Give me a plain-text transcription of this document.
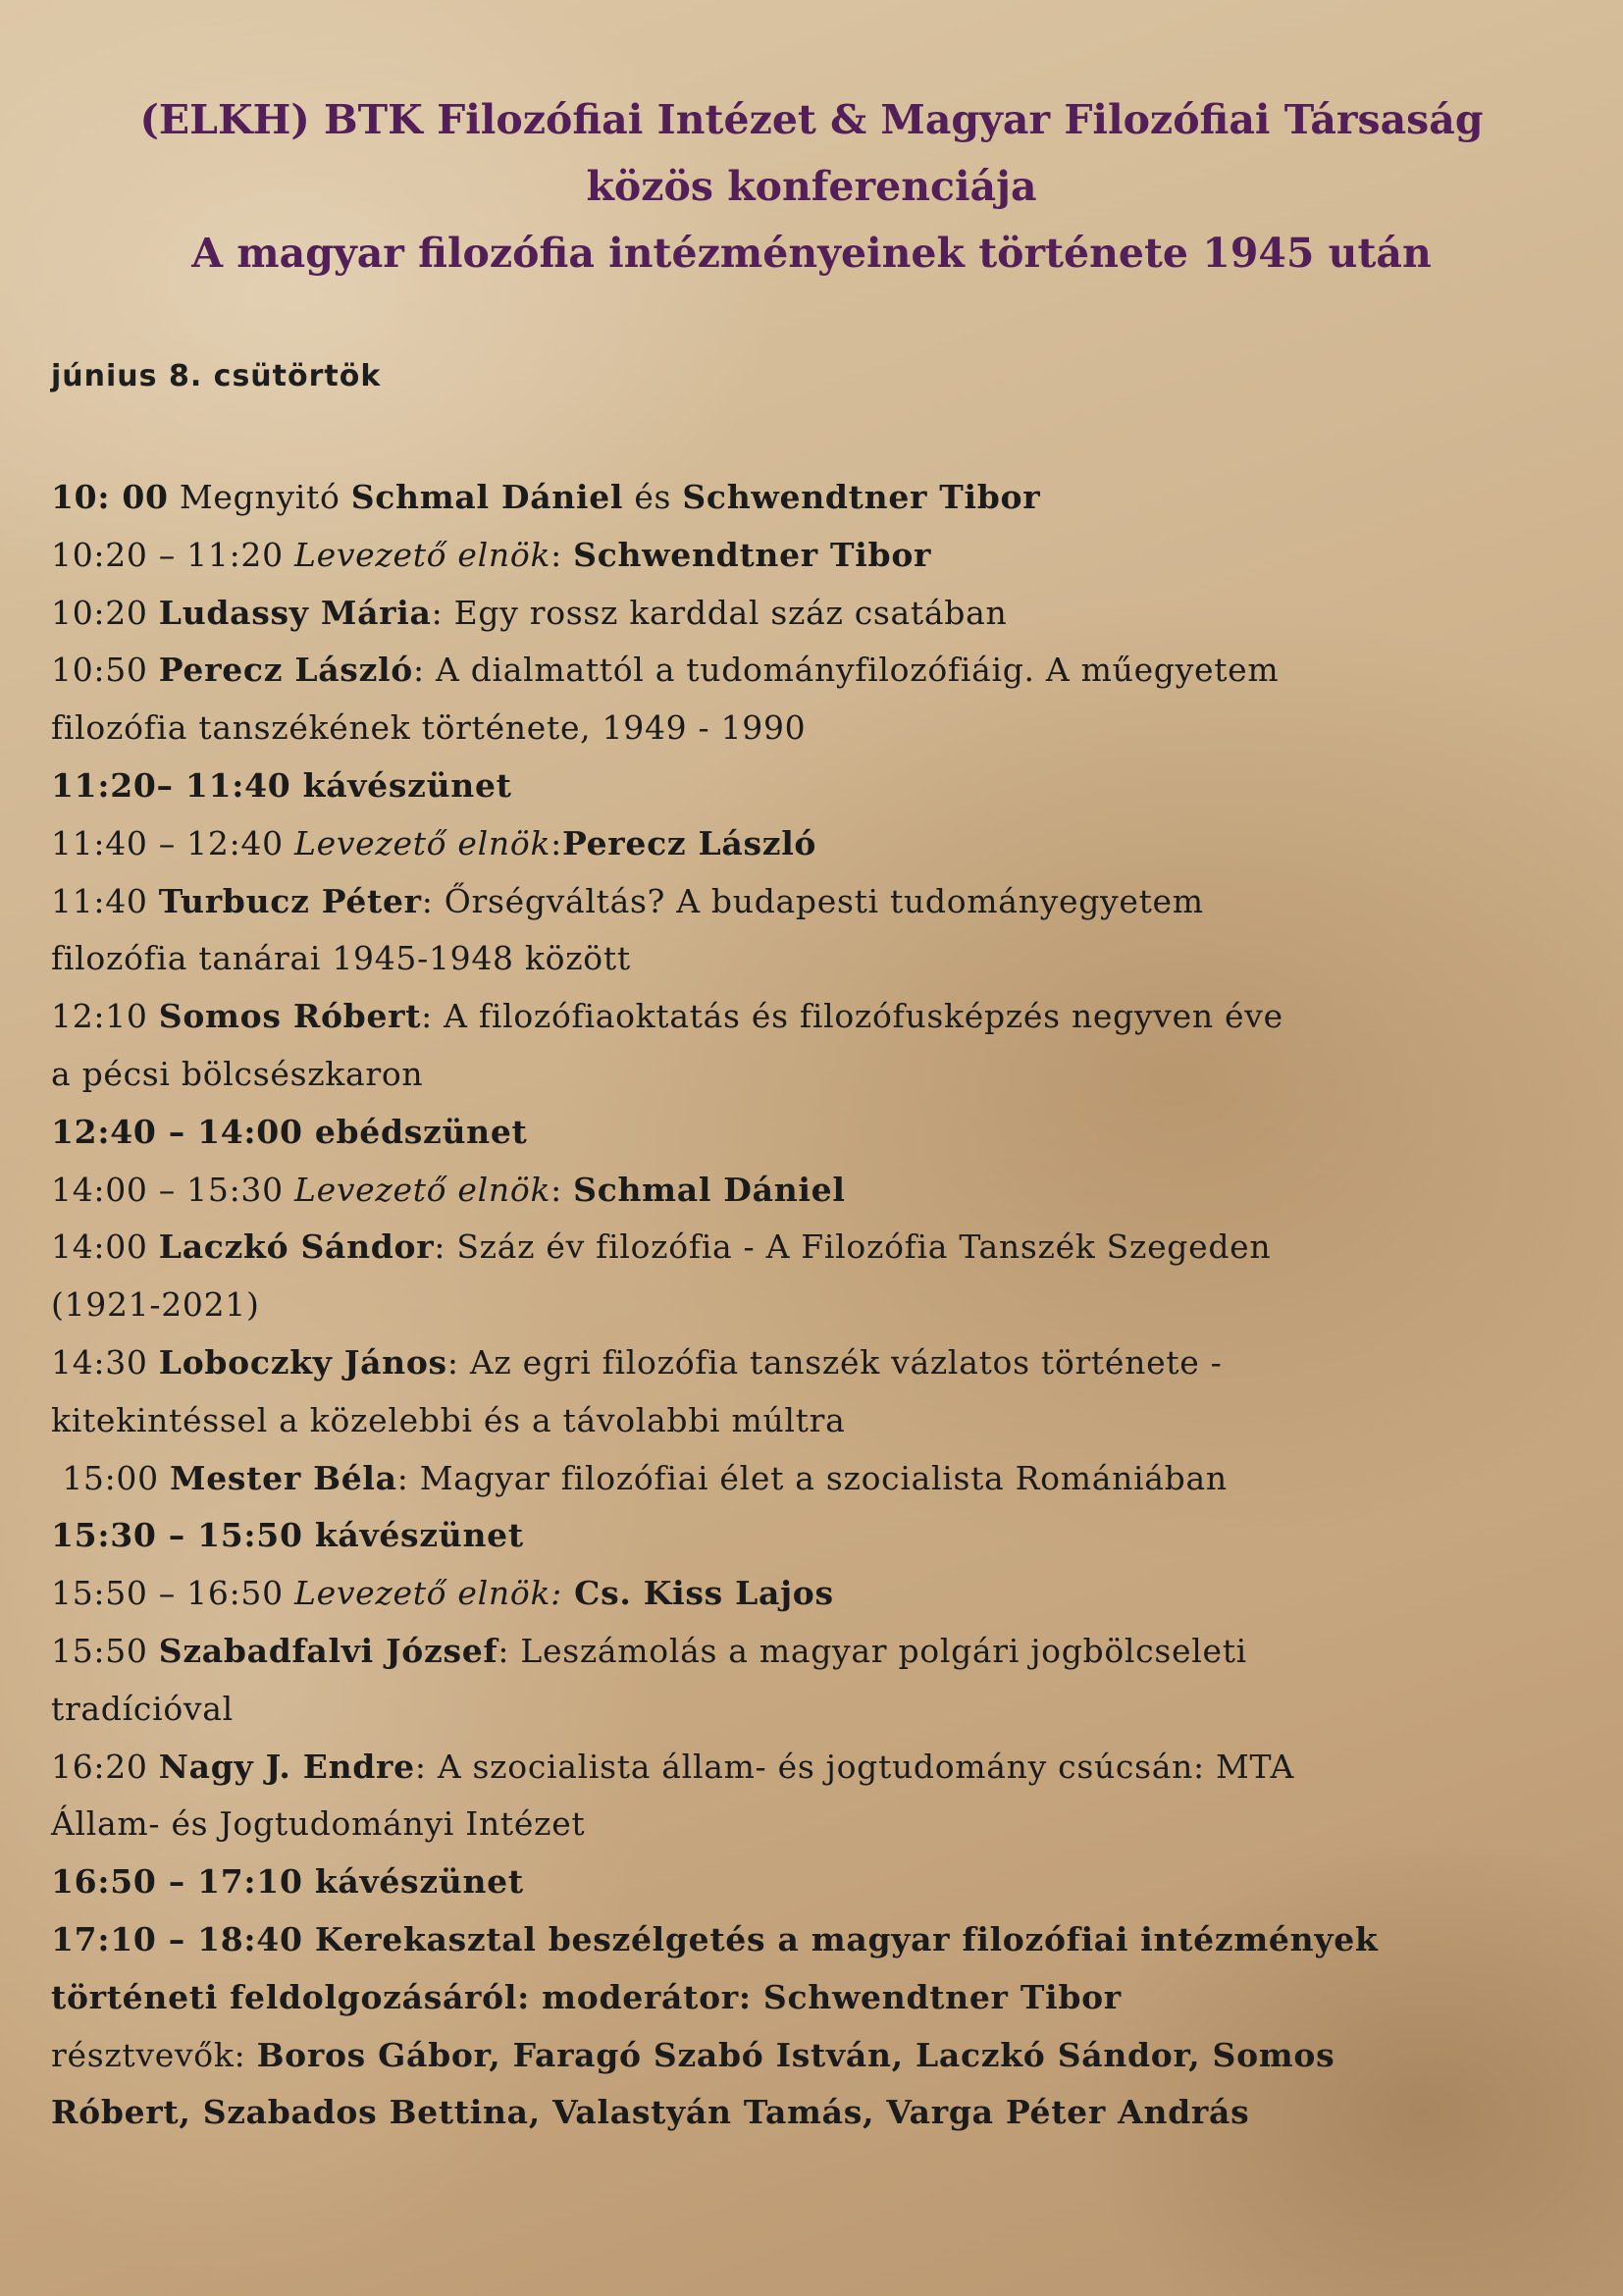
(ELKH) BTK Filozófiai Intézet & Magyar Filozófiai Társaság
közös konferenciája
A magyar filozófia intézményeinek története 1945 után
június 8. csütörtök
10: 00 Megnyitó Schmal Dániel és Schwendtner Tibor
10:20 – 11:20 Levezető elnök: Schwendtner Tibor
10:20 Ludassy Mária: Egy rossz karddal száz csatában
10:50 Perecz László: A dialmattól a tudományfilozófiáig. A műegyetem
filozófia tanszékének története, 1949 - 1990
11:20– 11:40 kávészünet
11:40 – 12:40 Levezető elnök:Perecz László
11:40 Turbucz Péter: Őrségváltás? A budapesti tudományegyetem
filozófia tanárai 1945-1948 között
12:10 Somos Róbert: A filozófiaoktatás és filozófusképzés negyven éve
a pécsi bölcsészkaron
12:40 – 14:00 ebédszünet
14:00 – 15:30 Levezető elnök: Schmal Dániel
14:00 Laczkó Sándor: Száz év filozófia - A Filozófia Tanszék Szegeden
(1921-2021)
14:30 Loboczky János: Az egri filozófia tanszék vázlatos története -
kitekintéssel a közelebbi és a távolabbi múltra
15:00 Mester Béla: Magyar filozófiai élet a szocialista Romániában
15:30 – 15:50 kávészünet
15:50 – 16:50 Levezető elnök: Cs. Kiss Lajos
15:50 Szabadfalvi József: Leszámolás a magyar polgári jogbölcseleti
tradícióval
16:20 Nagy J. Endre: A szocialista állam- és jogtudomány csúcsán: MTA
Állam- és Jogtudományi Intézet
16:50 – 17:10 kávészünet
17:10 – 18:40 Kerekasztal beszélgetés a magyar filozófiai intézmények
történeti feldolgozásáról: moderátor: Schwendtner Tibor
résztvevők: Boros Gábor, Faragó Szabó István, Laczkó Sándor, Somos
Róbert, Szabados Bettina, Valastyán Tamás, Varga Péter András
